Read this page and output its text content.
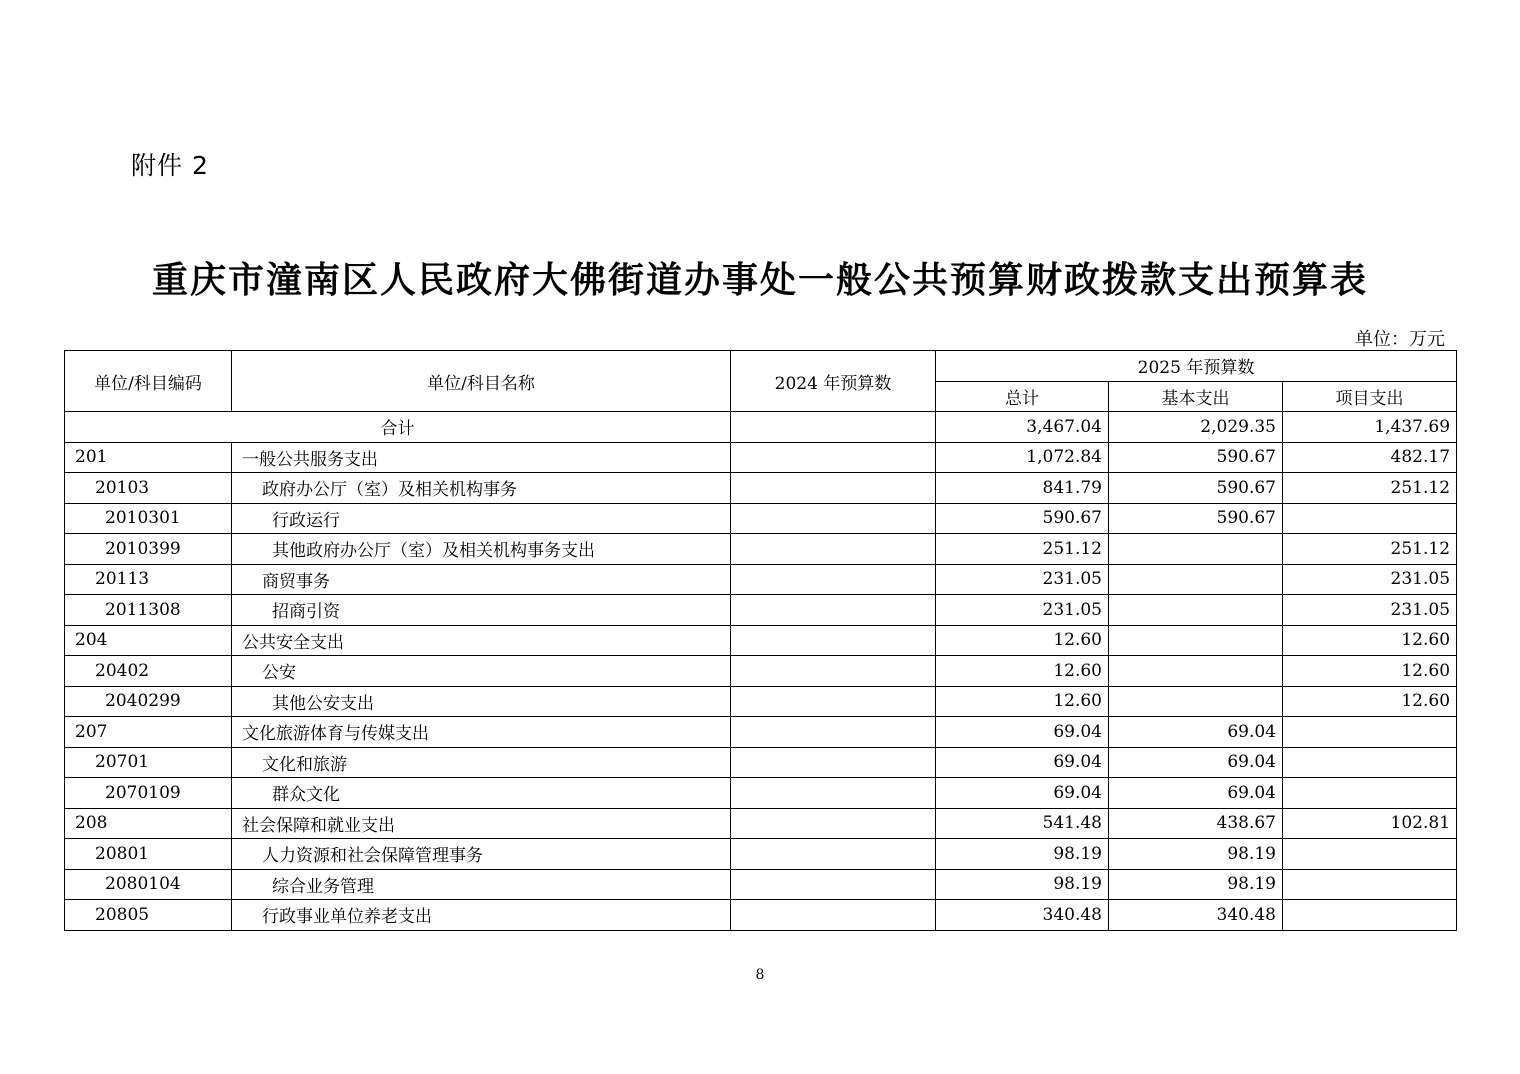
附件 2
重庆市潼南区人民政府大佛街道办事处一般公共预算财政拨款支出预算表
单位：万元
单位/科目编码	单位/科目名称	2024 年预算数	2025 年预算数		
			总计	基本支出	项目支出
合计			3,467.04	2,029.35	1,437.69
201	一般公共服务支出		1,072.84	590.67	482.17
20103	政府办公厅（室）及相关机构事务		841.79	590.67	251.12
2010301	行政运行		590.67	590.67	
2010399	其他政府办公厅（室）及相关机构事务支出		251.12		251.12
20113	商贸事务		231.05		231.05
2011308	招商引资		231.05		231.05
204	公共安全支出		12.60		12.60
20402	公安		12.60		12.60
2040299	其他公安支出		12.60		12.60
207	文化旅游体育与传媒支出		69.04	69.04	
20701	文化和旅游		69.04	69.04	
2070109	群众文化		69.04	69.04	
208	社会保障和就业支出		541.48	438.67	102.81
20801	人力资源和社会保障管理事务		98.19	98.19	
2080104	综合业务管理		98.19	98.19	
20805	行政事业单位养老支出		340.48	340.48	
8
